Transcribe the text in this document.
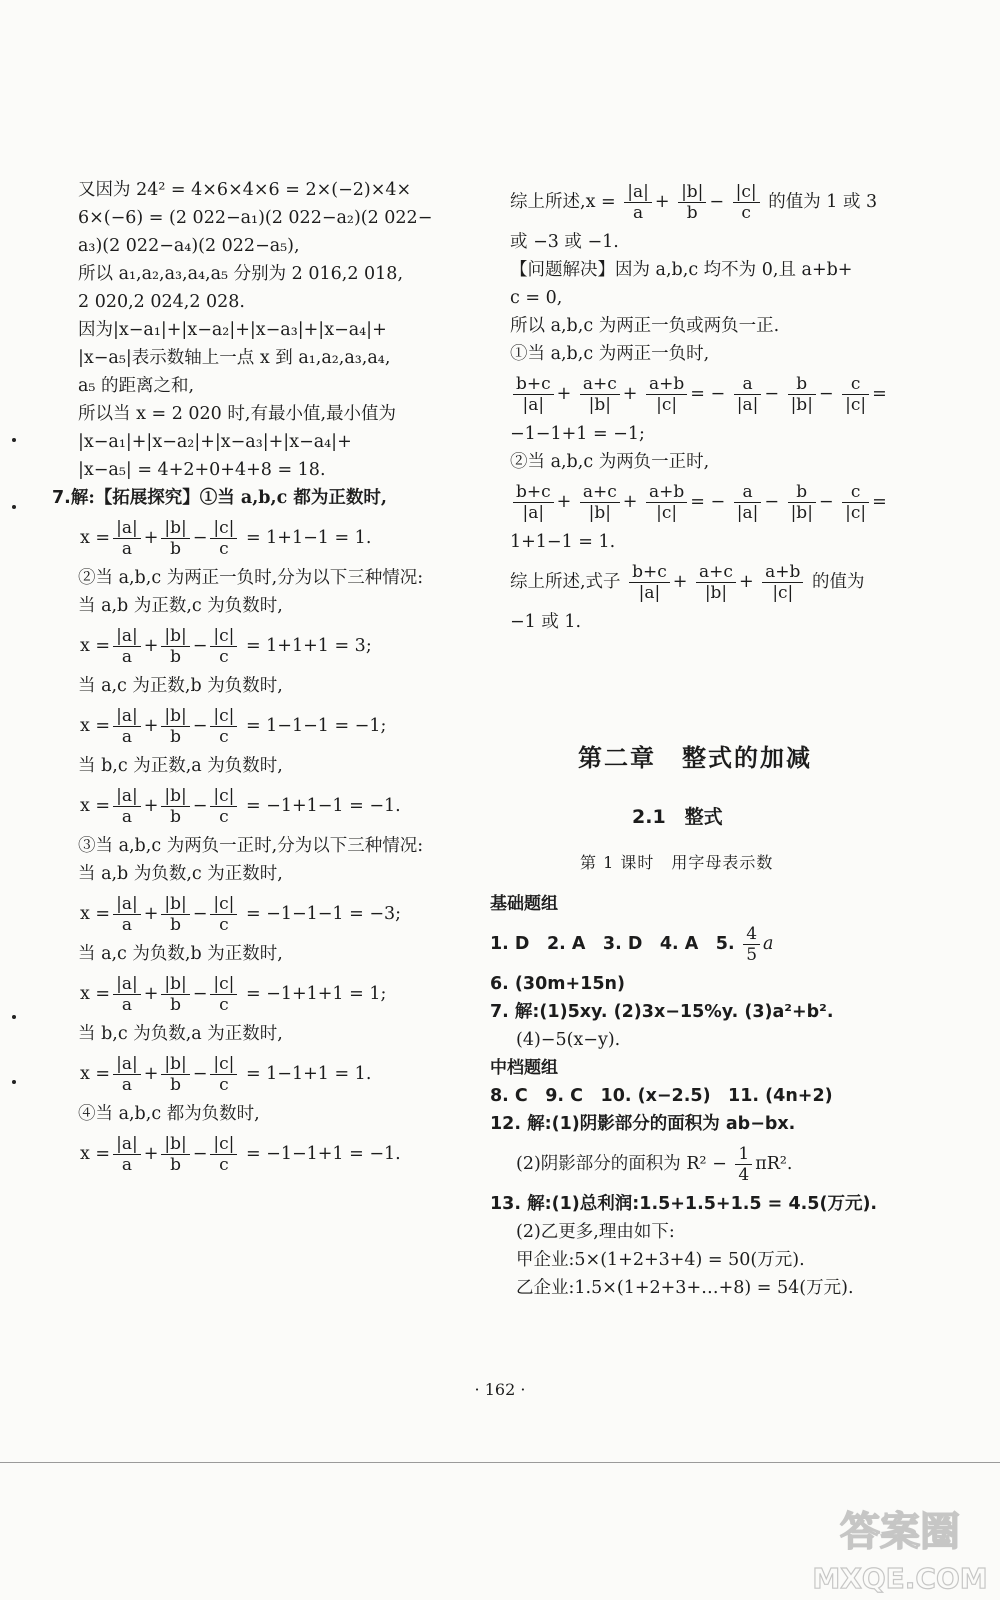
又因为 24² = 4×6×4×6 = 2×(−2)×4×
6×(−6) = (2 022−a₁)(2 022−a₂)(2 022−
a₃)(2 022−a₄)(2 022−a₅),
所以 a₁,a₂,a₃,a₄,a₅ 分别为 2 016,2 018,
2 020,2 024,2 028.
因为|x−a₁|+|x−a₂|+|x−a₃|+|x−a₄|+
|x−a₅|表示数轴上一点 x 到 a₁,a₂,a₃,a₄,
a₅ 的距离之和,
所以当 x = 2 020 时,有最小值,最小值为
|x−a₁|+|x−a₂|+|x−a₃|+|x−a₄|+
|x−a₅| = 4+2+0+4+8 = 18.
7.解:【拓展探究】①当 a,b,c 都为正数时,
$x = \frac{|a|}{a} + \frac{|b|}{b} - \frac{|c|}{c} = 1+1-1 = 1$.
②当 a,b,c 为两正一负时,分为以下三种情况:
当 a,b 为正数,c 为负数时,
$x = \frac{|a|}{a} + \frac{|b|}{b} - \frac{|c|}{c} = 1+1+1 = 3$;
当 a,c 为正数,b 为负数时,
$x = \frac{|a|}{a} + \frac{|b|}{b} - \frac{|c|}{c} = 1-1-1 = -1$;
当 b,c 为正数,a 为负数时,
$x = \frac{|a|}{a} + \frac{|b|}{b} - \frac{|c|}{c} = -1+1-1 = -1$.
③当 a,b,c 为两负一正时,分为以下三种情况:
当 a,b 为负数,c 为正数时,
$x = \frac{|a|}{a} + \frac{|b|}{b} - \frac{|c|}{c} = -1-1-1 = -3$;
当 a,c 为负数,b 为正数时,
$x = \frac{|a|}{a} + \frac{|b|}{b} - \frac{|c|}{c} = -1+1+1 = 1$;
当 b,c 为负数,a 为正数时,
$x = \frac{|a|}{a} + \frac{|b|}{b} - \frac{|c|}{c} = 1-1+1 = 1$.
④当 a,b,c 都为负数时,
$x = \frac{|a|}{a} + \frac{|b|}{b} - \frac{|c|}{c} = -1-1+1 = -1$.
综上所述$,x = \frac{|a|}{a} + \frac{|b|}{b} - \frac{|c|}{c}$ 的值为 1 或 3
或 −3 或 −1.
【问题解决】因为 a,b,c 均不为 0,且 a+b+
c = 0,
所以 a,b,c 为两正一负或两负一正.
①当 a,b,c 为两正一负时,
$\frac{b+c}{|a|} + \frac{a+c}{|b|} + \frac{a+b}{|c|}$ = − $\frac{a}{|a|} - \frac{b}{|b|} - \frac{c}{|c|}$ =
−1−1+1 = −1;
②当 a,b,c 为两负一正时,
$\frac{b+c}{|a|} + \frac{a+c}{|b|} + \frac{a+b}{|c|}$ = − $\frac{a}{|a|} - \frac{b}{|b|} - \frac{c}{|c|}$ =
1+1−1 = 1.
综上所述,式子 $\frac{b+c}{|a|} + \frac{a+c}{|b|} + \frac{a+b}{|c|}$ 的值为
−1 或 1.
第二章　整式的加减
2.1　整式
第 1 课时　用字母表示数
基础题组
1. D　2. A　3. D　4. A　5. $\frac{4}{5}$ a
6. (30m+15n)
7. 解:(1)5xy. (2)3x−15%y. (3)a²+b².
(4)−5(x−y).
中档题组
8. C　9. C　10. (x−2.5)　11. (4n+2)
12. 解:(1)阴影部分的面积为 ab−bx.
(2)阴影部分的面积为 $R^2 - \frac{1}{4} \pi R^2$.
13. 解:(1)总利润:1.5+1.5+1.5 = 4.5(万元).
(2)乙更多,理由如下:
甲企业:5×(1+2+3+4) = 50(万元).
乙企业:1.5×(1+2+3+…+8) = 54(万元).
· 162 ·
答案圈
MXQE.COM
